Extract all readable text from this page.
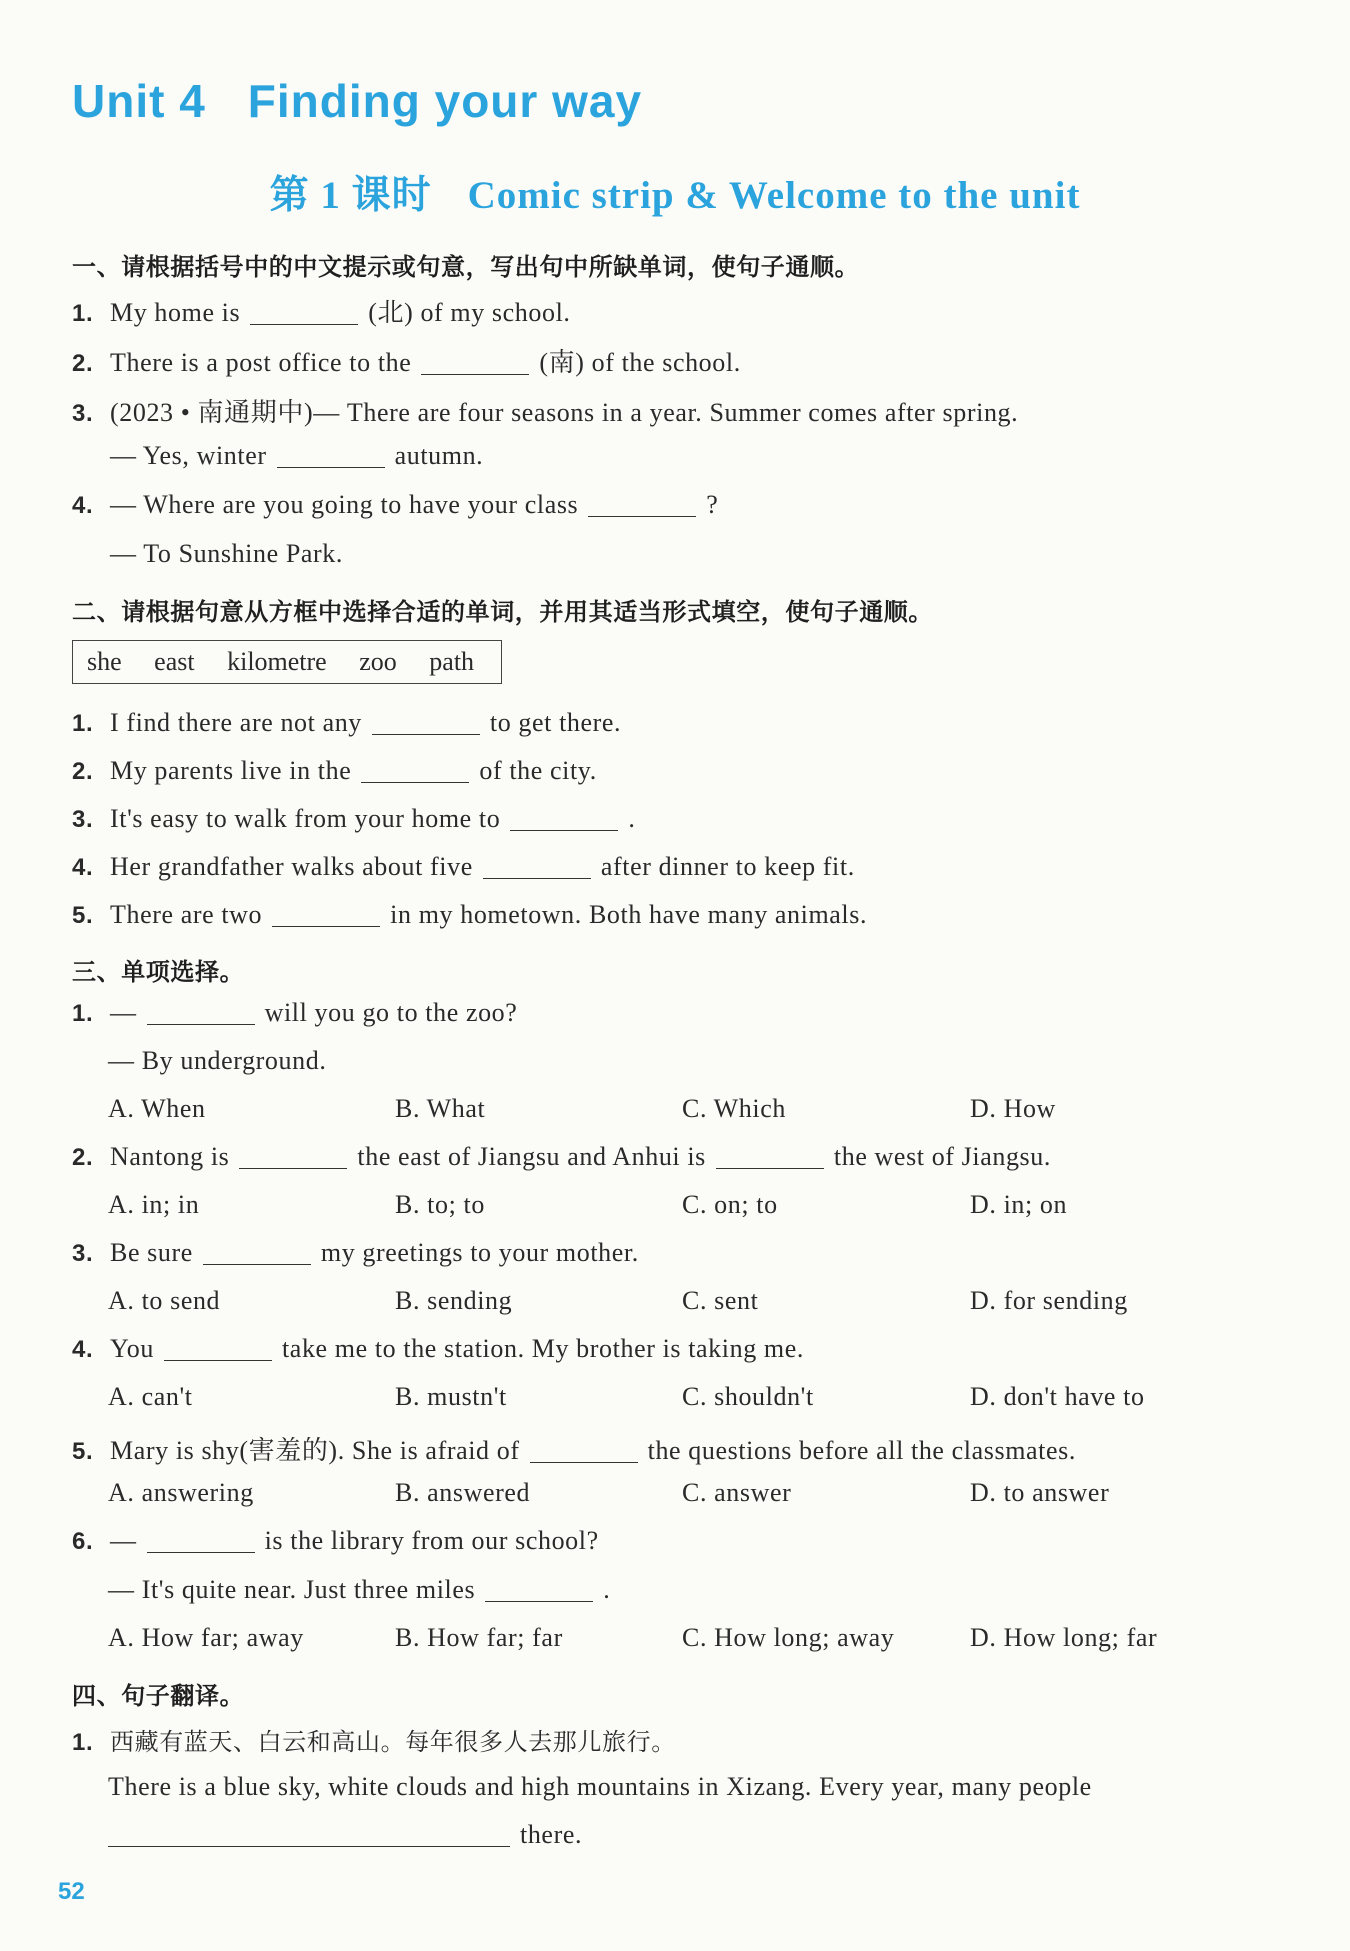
Unit 4 Finding your way
第 1 课时 Comic strip & Welcome to the unit
一、请根据括号中的中文提示或句意，写出句中所缺单词，使句子通顺。
1. My home is	(北) of my school.
2. There is a post office to the	(南) of the school.
3. (2023 • 南通期中)— There are four seasons in a year. Summer comes after spring.
— Yes, winter	autumn.
4. — Where are you going to have your class	?
— To Sunshine Park.
二、请根据句意从方框中选择合适的单词，并用其适当形式填空，使句子通顺。
she east kilometre zoo path
1. I find there are not any	to get there.
2. My parents live in the	of the city.
3. It's easy to walk from your home to	.
4. Her grandfather walks about five	after dinner to keep fit.
5. There are two	in my hometown. Both have many animals.
三、单项选择。
1. —	will you go to the zoo?
— By underground.
A. When	B. What	C. Which	D. How
2. Nantong is	the east of Jiangsu and Anhui is	the west of Jiangsu.
A. in; in	B. to; to	C. on; to	D. in; on
3. Be sure	my greetings to your mother.
A. to send	B. sending	C. sent	D. for sending
4. You	take me to the station. My brother is taking me.
A. can't	B. mustn't	C. shouldn't	D. don't have to
5. Mary is shy(害羞的). She is afraid of	the questions before all the classmates.
A. answering	B. answered	C. answer	D. to answer
6. —	is the library from our school?
— It's quite near. Just three miles	.
A. How far; away	B. How far; far	C. How long; away	D. How long; far
四、句子翻译。
1. 西藏有蓝天、白云和高山。每年很多人去那儿旅行。
There is a blue sky, white clouds and high mountains in Xizang. Every year, many people
there.
52
